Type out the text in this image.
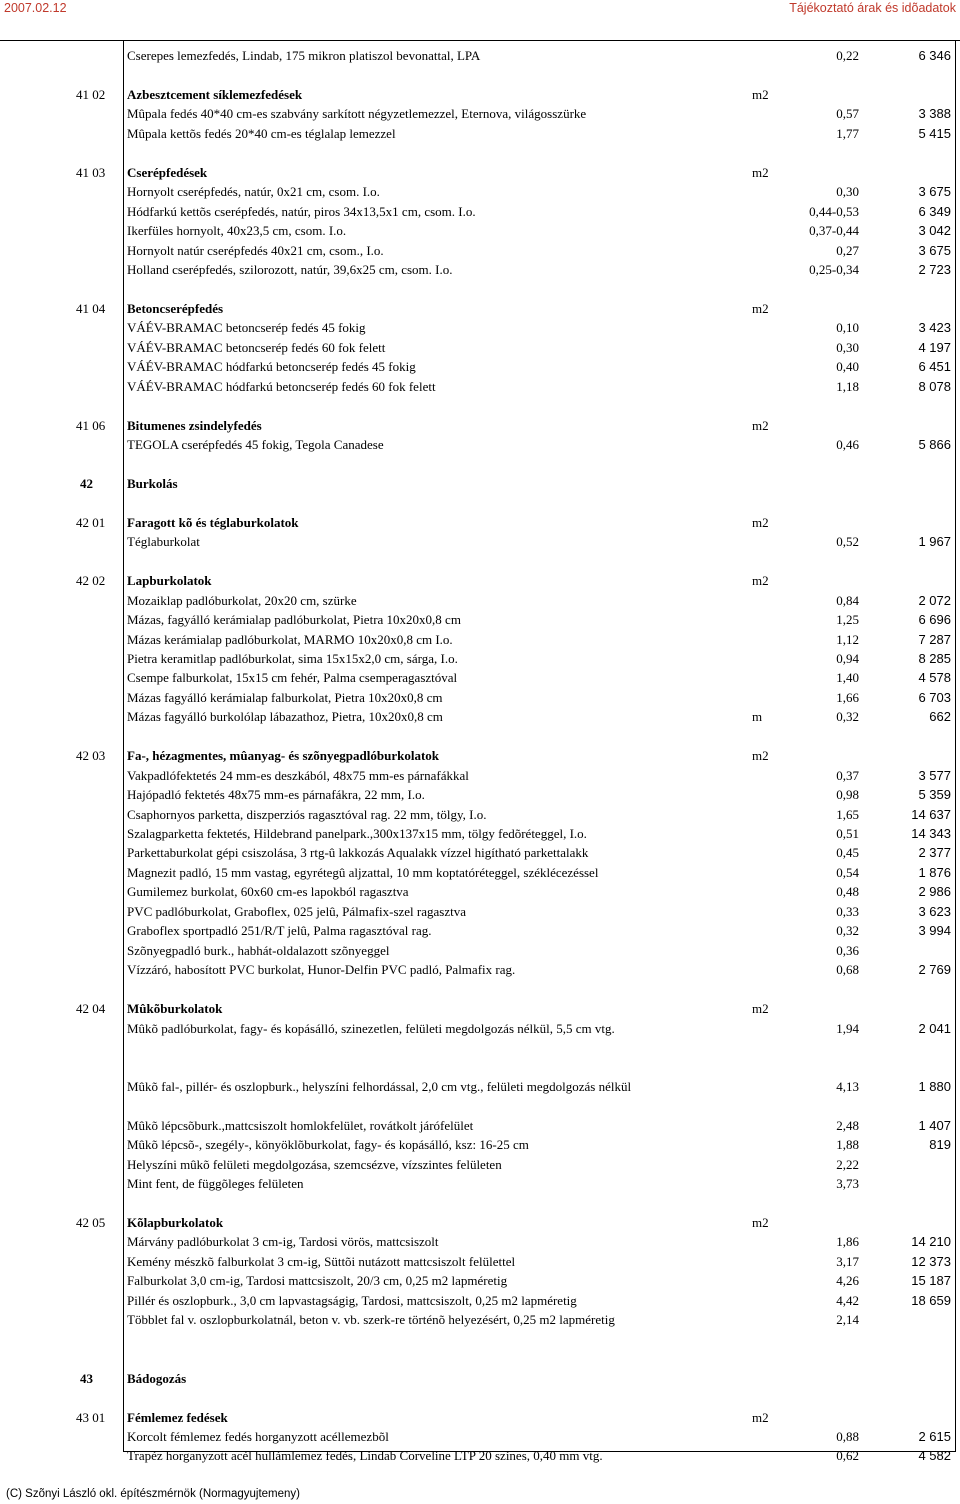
2007.02.12	Tájékoztató árak és idõadatok
Cserepes lemezfedés, Lindab, 175 mikron platiszol bevonattal, LPA	0,22	6 346
41 02	Azbesztcement síklemezfedések	m2
Mûpala fedés 40*40 cm-es szabvány sarkított négyzetlemezzel, Eternova, világosszürke	0,57	3 388
Mûpala kettõs fedés 20*40 cm-es téglalap lemezzel	1,77	5 415
41 03	Cserépfedések	m2
Hornyolt cserépfedés, natúr, 0x21 cm, csom. I.o.	0,30	3 675
Hódfarkú kettõs cserépfedés, natúr, piros 34x13,5x1 cm, csom. I.o.	0,44-0,53	6 349
Ikerfüles hornyolt, 40x23,5 cm, csom. I.o.	0,37-0,44	3 042
Hornyolt natúr cserépfedés 40x21 cm, csom., I.o.	0,27	3 675
Holland cserépfedés, szilorozott, natúr, 39,6x25 cm, csom. I.o.	0,25-0,34	2 723
41 04	Betoncserépfedés	m2
VÁÉV-BRAMAC betoncserép fedés 45 fokig	0,10	3 423
VÁÉV-BRAMAC betoncserép fedés 60 fok felett	0,30	4 197
VÁÉV-BRAMAC hódfarkú betoncserép fedés 45 fokig	0,40	6 451
VÁÉV-BRAMAC hódfarkú betoncserép fedés 60 fok felett	1,18	8 078
41 06	Bitumenes zsindelyfedés	m2
TEGOLA cserépfedés 45 fokig, Tegola Canadese	0,46	5 866
42	Burkolás
42 01	Faragott kõ és téglaburkolatok	m2
Téglaburkolat	0,52	1 967
42 02	Lapburkolatok	m2
Mozaiklap padlóburkolat, 20x20 cm, szürke	0,84	2 072
Mázas, fagyálló kerámialap padlóburkolat, Pietra 10x20x0,8 cm	1,25	6 696
Mázas kerámialap padlóburkolat, MARMO 10x20x0,8 cm I.o.	1,12	7 287
Pietra keramitlap padlóburkolat, sima 15x15x2,0 cm, sárga, I.o.	0,94	8 285
Csempe falburkolat, 15x15 cm fehér, Palma csemperagasztóval	1,40	4 578
Mázas fagyálló kerámialap falburkolat, Pietra 10x20x0,8 cm	1,66	6 703
Mázas fagyálló burkolólap lábazathoz, Pietra, 10x20x0,8 cm	m	0,32	662
42 03	Fa-, hézagmentes, mûanyag- és szõnyegpadlóburkolatok	m2
Vakpadlófektetés 24 mm-es deszkából, 48x75 mm-es párnafákkal	0,37	3 577
Hajópadló fektetés 48x75 mm-es párnafákra, 22 mm, I.o.	0,98	5 359
Csaphornyos parketta, diszperziós ragasztóval rag. 22 mm, tölgy, I.o.	1,65	14 637
Szalagparketta fektetés, Hildebrand panelpark.,300x137x15 mm, tölgy fedõréteggel, I.o.	0,51	14 343
Parkettaburkolat gépi csiszolása, 3 rtg-û lakkozás Aqualakk vízzel higítható parkettalakk	0,45	2 377
Magnezit padló, 15 mm vastag, egyrétegû aljzattal, 10 mm koptatóréteggel, széklécezéssel	0,54	1 876
Gumilemez burkolat, 60x60 cm-es lapokból ragasztva	0,48	2 986
PVC padlóburkolat, Graboflex, 025 jelû, Pálmafix-szel ragasztva	0,33	3 623
Graboflex sportpadló 251/R/T jelû, Palma ragasztóval rag.	0,32	3 994
Szõnyegpadló burk., habhát-oldalazott szõnyeggel	0,36
Vízzáró, habosított PVC burkolat, Hunor-Delfin PVC padló, Palmafix rag.	0,68	2 769
42 04	Mûkõburkolatok	m2
Mûkõ padlóburkolat, fagy- és kopásálló, szinezetlen, felületi megdolgozás nélkül, 5,5 cm vtg.	1,94	2 041
Mûkõ fal-, pillér- és oszlopburk., helyszíni felhordással, 2,0 cm vtg., felületi megdolgozás nélkül	4,13	1 880
Mûkõ lépcsõburk.,mattcsiszolt homlokfelület, rovátkolt járófelület	2,48	1 407
Mûkõ lépcsõ-, szegély-, könyöklõburkolat, fagy- és kopásálló, ksz: 16-25 cm	1,88	819
Helyszíni mûkõ felületi megdolgozása, szemcsézve, vízszintes felületen	2,22
Mint fent, de függõleges felületen	3,73
42 05	Kõlapburkolatok	m2
Márvány padlóburkolat 3 cm-ig, Tardosi vörös, mattcsiszolt	1,86	14 210
Kemény mészkõ falburkolat 3 cm-ig, Süttõi nutázott mattcsiszolt felülettel	3,17	12 373
Falburkolat 3,0 cm-ig, Tardosi mattcsiszolt, 20/3 cm, 0,25 m2 lapméretig	4,26	15 187
Pillér és oszlopburk., 3,0 cm lapvastagságig, Tardosi, mattcsiszolt, 0,25 m2 lapméretig	4,42	18 659
Többlet fal v. oszlopburkolatnál, beton v. vb. szerk-re történõ helyezésért, 0,25 m2 lapméretig	2,14
43	Bádogozás
43 01	Fémlemez fedések	m2
Korcolt fémlemez fedés horganyzott acéllemezbõl	0,88	2 615
Trapéz horganyzott acél hullámlemez fedés, Lindab Corveline LTP 20 színes, 0,40 mm vtg.	0,62	4 582
(C) Szõnyi László okl. építészmérnök (Normagyujtemeny)
